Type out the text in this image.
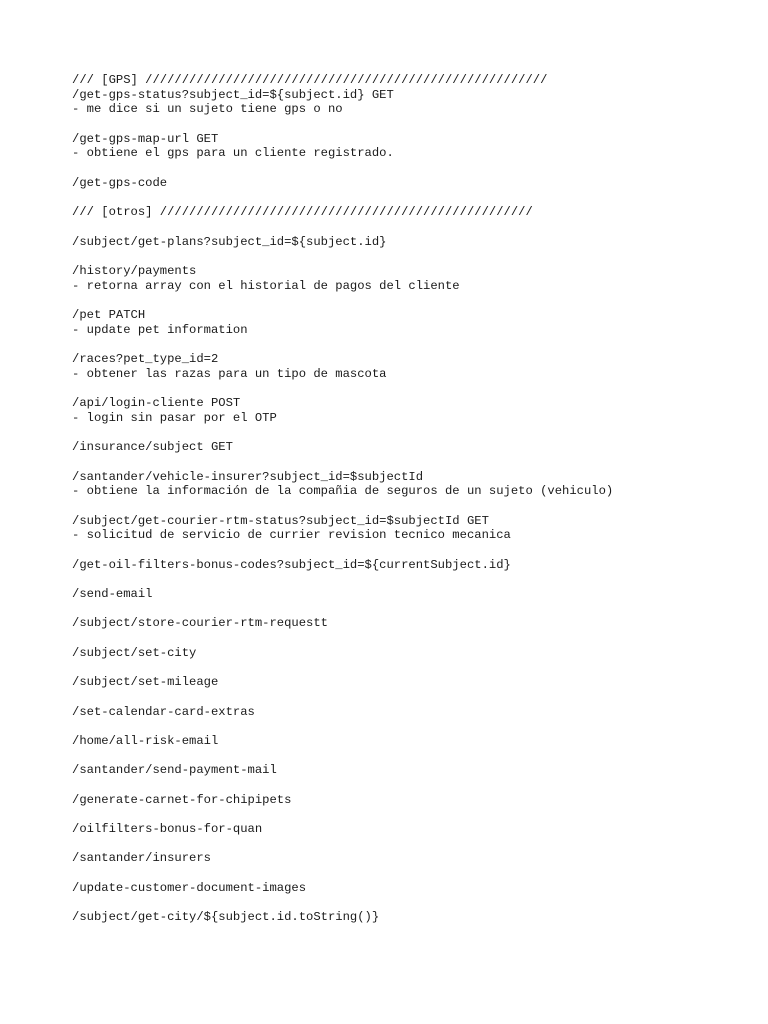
/// [GPS] ///////////////////////////////////////////////////////
/get-gps-status?subject_id=${subject.id} GET
- me dice si un sujeto tiene gps o no
/get-gps-map-url GET
- obtiene el gps para un cliente registrado.
/get-gps-code
/// [otros] ///////////////////////////////////////////////////
/subject/get-plans?subject_id=${subject.id}
/history/payments
- retorna array con el historial de pagos del cliente
/pet PATCH
- update pet information
/races?pet_type_id=2
- obtener las razas para un tipo de mascota
/api/login-cliente POST
- login sin pasar por el OTP
/insurance/subject GET
/santander/vehicle-insurer?subject_id=$subjectId
- obtiene la información de la compañia de seguros de un sujeto (vehiculo)
/subject/get-courier-rtm-status?subject_id=$subjectId GET
- solicitud de servicio de currier revision tecnico mecanica
/get-oil-filters-bonus-codes?subject_id=${currentSubject.id}
/send-email
/subject/store-courier-rtm-requestt
/subject/set-city
/subject/set-mileage
/set-calendar-card-extras
/home/all-risk-email
/santander/send-payment-mail
/generate-carnet-for-chipipets
/oilfilters-bonus-for-quan
/santander/insurers
/update-customer-document-images
/subject/get-city/${subject.id.toString()}
